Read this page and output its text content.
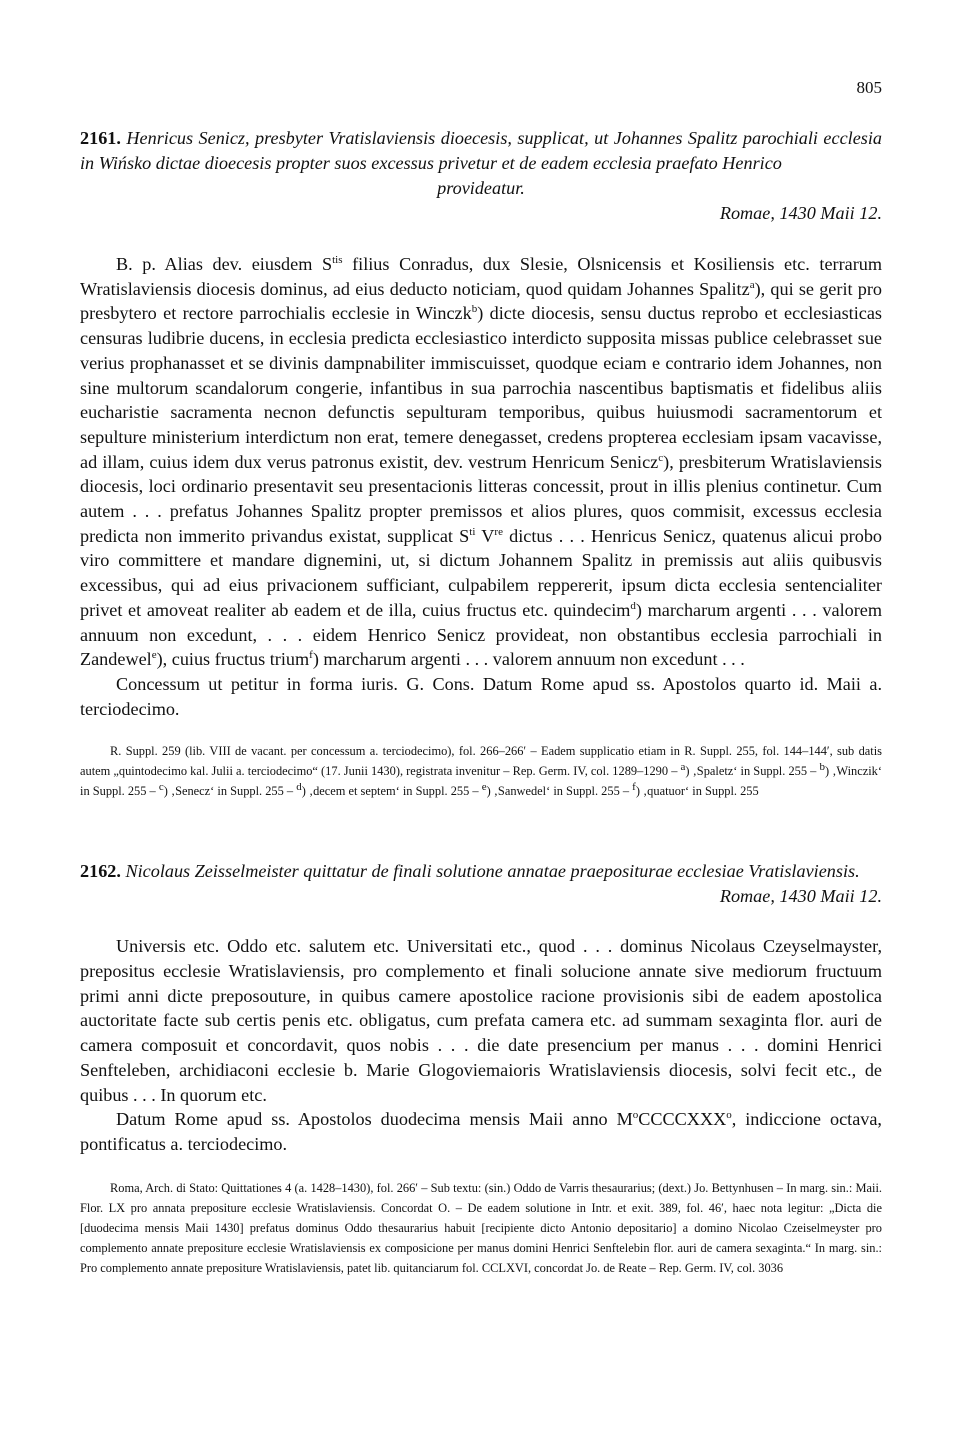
805

2161. Henricus Senicz, presbyter Vratislaviensis dioecesis, supplicat, ut Johannes Spalitz parochiali ecclesia in Wińsko dictae dioecesis propter suos excessus privetur et de eadem ecclesia praefato Henrico
provideatur.

Romae, 1430 Maii 12.

B. p. Alias dev. eiusdem $S^{tis}$ filius Conradus, dux Slesie, Olsnicensis et Kosiliensis etc. terrarum Wratislaviensis diocesis dominus, ad eius deducto noticiam, quod quidam Johannes Spalitz$^a$), qui se gerit pro presbytero et rectore parrochialis ecclesie in Winczk$^b$) dicte diocesis, sensu ductus reprobo et ecclesiasticas censuras ludibrie ducens, in ecclesia predicta ecclesiastico interdicto supposita missas publice celebrasset sue verius prophanasset et se divinis dampnabiliter immiscuisset, quodque eciam e contrario idem Johannes, non sine multorum scandalorum congerie, infantibus in sua parrochia nascentibus baptismatis et fidelibus aliis eucharistie sacramenta necnon defunctis sepulturam temporibus, quibus huiusmodi sacramentorum et sepulture ministerium interdictum non erat, temere denegasset, credens propterea ecclesiam ipsam vacavisse, ad illam, cuius idem dux verus patronus existit, dev. vestrum Henricum Senicz$^c$), presbiterum Wratislaviensis diocesis, loci ordinario presentavit seu presentacionis litteras concessit, prout in illis plenius continetur. Cum autem . . . prefatus Johannes Spalitz propter premissos et alios plures, quos commisit, excessus ecclesia predicta non immerito privandus existat, supplicat $S^{ti}$ Vre dictus . . . Henricus Senicz, quatenus alicui probo viro committere et mandare dignemini, ut, si dictum Johannem Spalitz in premissis aut aliis quibusvis excessibus, qui ad eius privacionem sufficiant, culpabilem reppererit, ipsum dicta ecclesia sentencialiter privet et amoveat realiter ab eadem et de illa, cuius fructus etc. quindecim$^d$) marcharum argenti . . . valorem annuum non excedunt, . . . eidem Henrico Senicz provideat, non obstantibus ecclesia parrochiali in Zandewel$^e$), cuius fructus trium$^f$) marcharum argenti . . . valorem annuum non excedunt . . .

Concessum ut petitur in forma iuris. G. Cons. Datum Rome apud ss. Apostolos quarto id. Maii a. terciodecimo.

R. Suppl. 259 (lib. VIII de vacant. per concessum a. terciodecimo), fol. 266–266′ – Eadem supplicatio etiam in R. Suppl. 255, fol. 144–144′, sub datis autem „quintodecimo kal. Julii a. terciodecimo“ (17. Junii 1430), registrata invenitur – Rep. Germ. IV, col. 1289–1290 – $^a$) ‚Spaletz‘ in Suppl. 255 – $^b$) ‚Winczik‘ in Suppl. 255 – $^c$) ‚Senecz‘ in Suppl. 255 – $^d$) ‚decem et septem‘ in Suppl. 255 – $^e$) ‚Sanwedel‘ in Suppl. 255 – $^f$) ‚quatuor‘ in Suppl. 255

2162. Nicolaus Zeisselmeister quittatur de finali solutione annatae praepositurae ecclesiae Vratislaviensis.

Romae, 1430 Maii 12.

Universis etc. Oddo etc. salutem etc. Universitati etc., quod . . . dominus Nicolaus Czeyselmayster, prepositus ecclesie Wratislaviensis, pro complemento et finali solucione annate sive mediorum fructuum primi anni dicte preposouture, in quibus camere apostolice racione provisionis sibi de eadem apostolica auctoritate facte sub certis penis etc. obligatus, cum prefata camera etc. ad summam sexaginta flor. auri de camera composuit et concordavit, quos nobis . . . die date presencium per manus . . . domini Henrici Senfteleben, archidiaconi ecclesie b. Marie Glogoviemaioris Wratislaviensis diocesis, solvi fecit etc., de quibus . . . In quorum etc.

Datum Rome apud ss. Apostolos duodecima mensis Maii anno $M^oCCCCXXX^o$, indiccione octava, pontificatus a. terciodecimo.

Roma, Arch. di Stato: Quittationes 4 (a. 1428–1430), fol. 266′ – Sub textu: (sin.) Oddo de Varris thesaurarius; (dext.) Jo. Bettynhusen – In marg. sin.: Maii. Flor. LX pro annata prepositure ecclesie Wratislaviensis. Concordat O. – De eadem solutione in Intr. et exit. 389, fol. 46′, haec nota legitur: „Dicta die [duodecima mensis Maii 1430] prefatus dominus Oddo thesaurarius habuit [recipiente dicto Antonio depositario] a domino Nicolao Czeiselmeyster pro complemento annate prepositure ecclesie Wratislaviensis ex composicione per manus domini Henrici Senftelebin flor. auri de camera sexaginta.“ In marg. sin.: Pro complemento annate prepositure Wratislaviensis, patet lib. quitanciarum fol. CCLXVI, concordat Jo. de Reate – Rep. Germ. IV, col. 3036
